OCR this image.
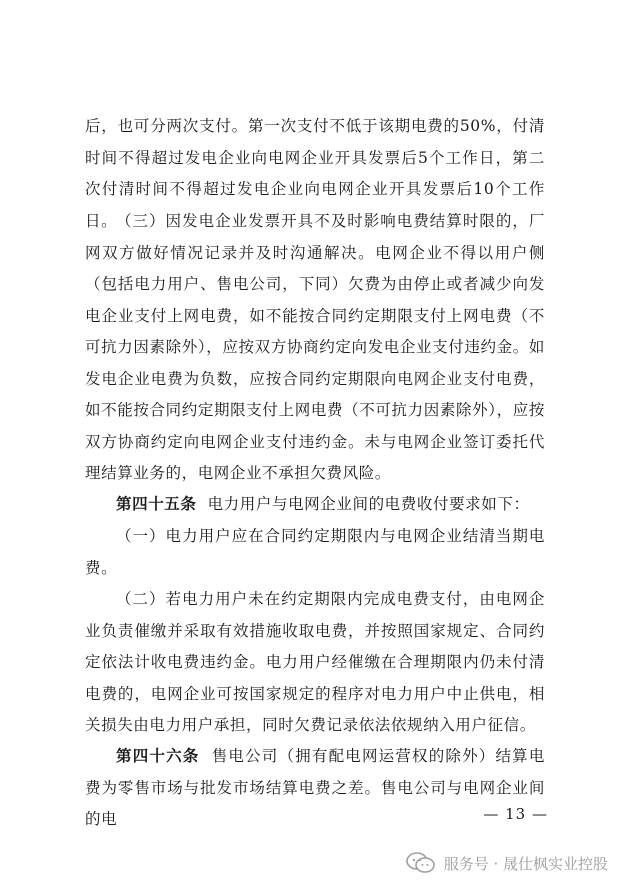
后，也可分两次支付。第一次支付不低于该期电费的50%，付清时间不得超过发电企业向电网企业开具发票后5个工作日，第二次付清时间不得超过发电企业向电网企业开具发票后10个工作日。

（三）因发电企业发票开具不及时影响电费结算时限的，厂网双方做好情况记录并及时沟通解决。电网企业不得以用户侧（包括电力用户、售电公司，下同）欠费为由停止或者减少向发电企业支付上网电费，如不能按合同约定期限支付上网电费（不可抗力因素除外），应按双方协商约定向发电企业支付违约金。如发电企业电费为负数，应按合同约定期限向电网企业支付电费，如不能按合同约定期限支付上网电费（不可抗力因素除外），应按双方协商约定向电网企业支付违约金。未与电网企业签订委托代理结算业务的，电网企业不承担欠费风险。

第四十五条 电力用户与电网企业间的电费收付要求如下：

（一）电力用户应在合同约定期限内与电网企业结清当期电费。

（二）若电力用户未在约定期限内完成电费支付，由电网企业负责催缴并采取有效措施收取电费，并按照国家规定、合同约定依法计收电费违约金。电力用户经催缴在合理期限内仍未付清电费的，电网企业可按国家规定的程序对电力用户中止供电，相关损失由电力用户承担，同时欠费记录依法依规纳入用户征信。

第四十六条 售电公司（拥有配电网运营权的除外）结算电费为零售市场与批发市场结算电费之差。售电公司与电网企业间的电	— 13 —
服务号 · 晟仕枫实业控股
